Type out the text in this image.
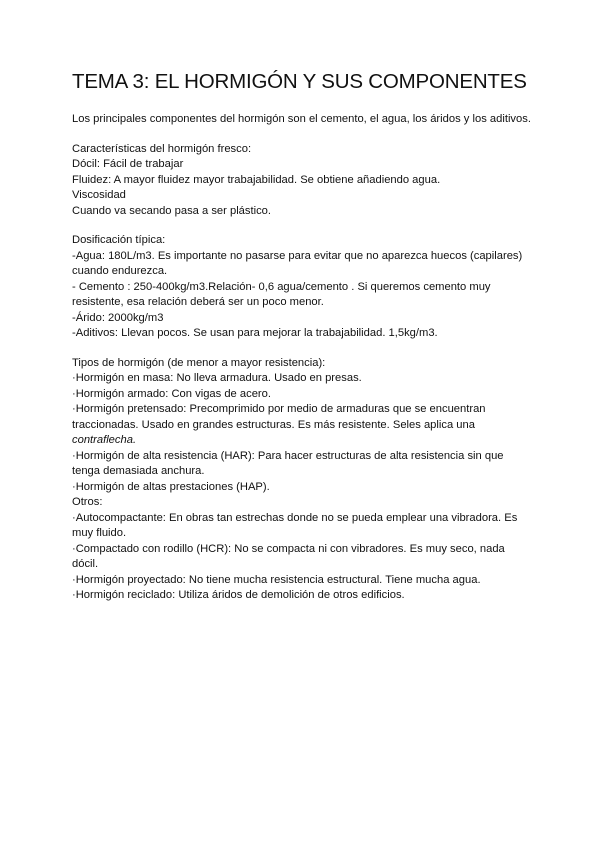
TEMA 3: EL HORMIGÓN Y SUS COMPONENTES
Los principales componentes del hormigón son el cemento, el agua, los áridos y los aditivos.
Características del hormigón fresco:
Dócil: Fácil de trabajar
Fluidez: A mayor fluidez mayor trabajabilidad. Se obtiene añadiendo agua.
Viscosidad
Cuando va secando pasa a ser plástico.
Dosificación típica:
-Agua: 180L/m3. Es importante no pasarse para evitar que no aparezca huecos (capilares)
cuando endurezca.
- Cemento : 250-400kg/m3.Relación- 0,6 agua/cemento . Si queremos cemento muy
resistente, esa relación deberá ser un poco menor.
-Árido: 2000kg/m3
-Aditivos: Llevan pocos. Se usan para mejorar la trabajabilidad. 1,5kg/m3.
Tipos de hormigón (de menor a mayor resistencia):
·Hormigón en masa: No lleva armadura. Usado en presas.
·Hormigón armado: Con vigas de acero.
·Hormigón pretensado: Precomprimido por medio de armaduras que se encuentran
traccionadas. Usado en grandes estructuras. Es más resistente. Seles aplica una
contraflecha.
·Hormigón de alta resistencia (HAR): Para hacer estructuras de alta resistencia sin que
tenga demasiada anchura.
·Hormigón de altas prestaciones (HAP).
Otros:
·Autocompactante: En obras tan estrechas donde no se pueda emplear una vibradora. Es
muy fluido.
·Compactado con rodillo (HCR): No se compacta ni con vibradores. Es muy seco, nada
dócil.
·Hormigón proyectado: No tiene mucha resistencia estructural. Tiene mucha agua.
·Hormigón reciclado: Utiliza áridos de demolición de otros edificios.
